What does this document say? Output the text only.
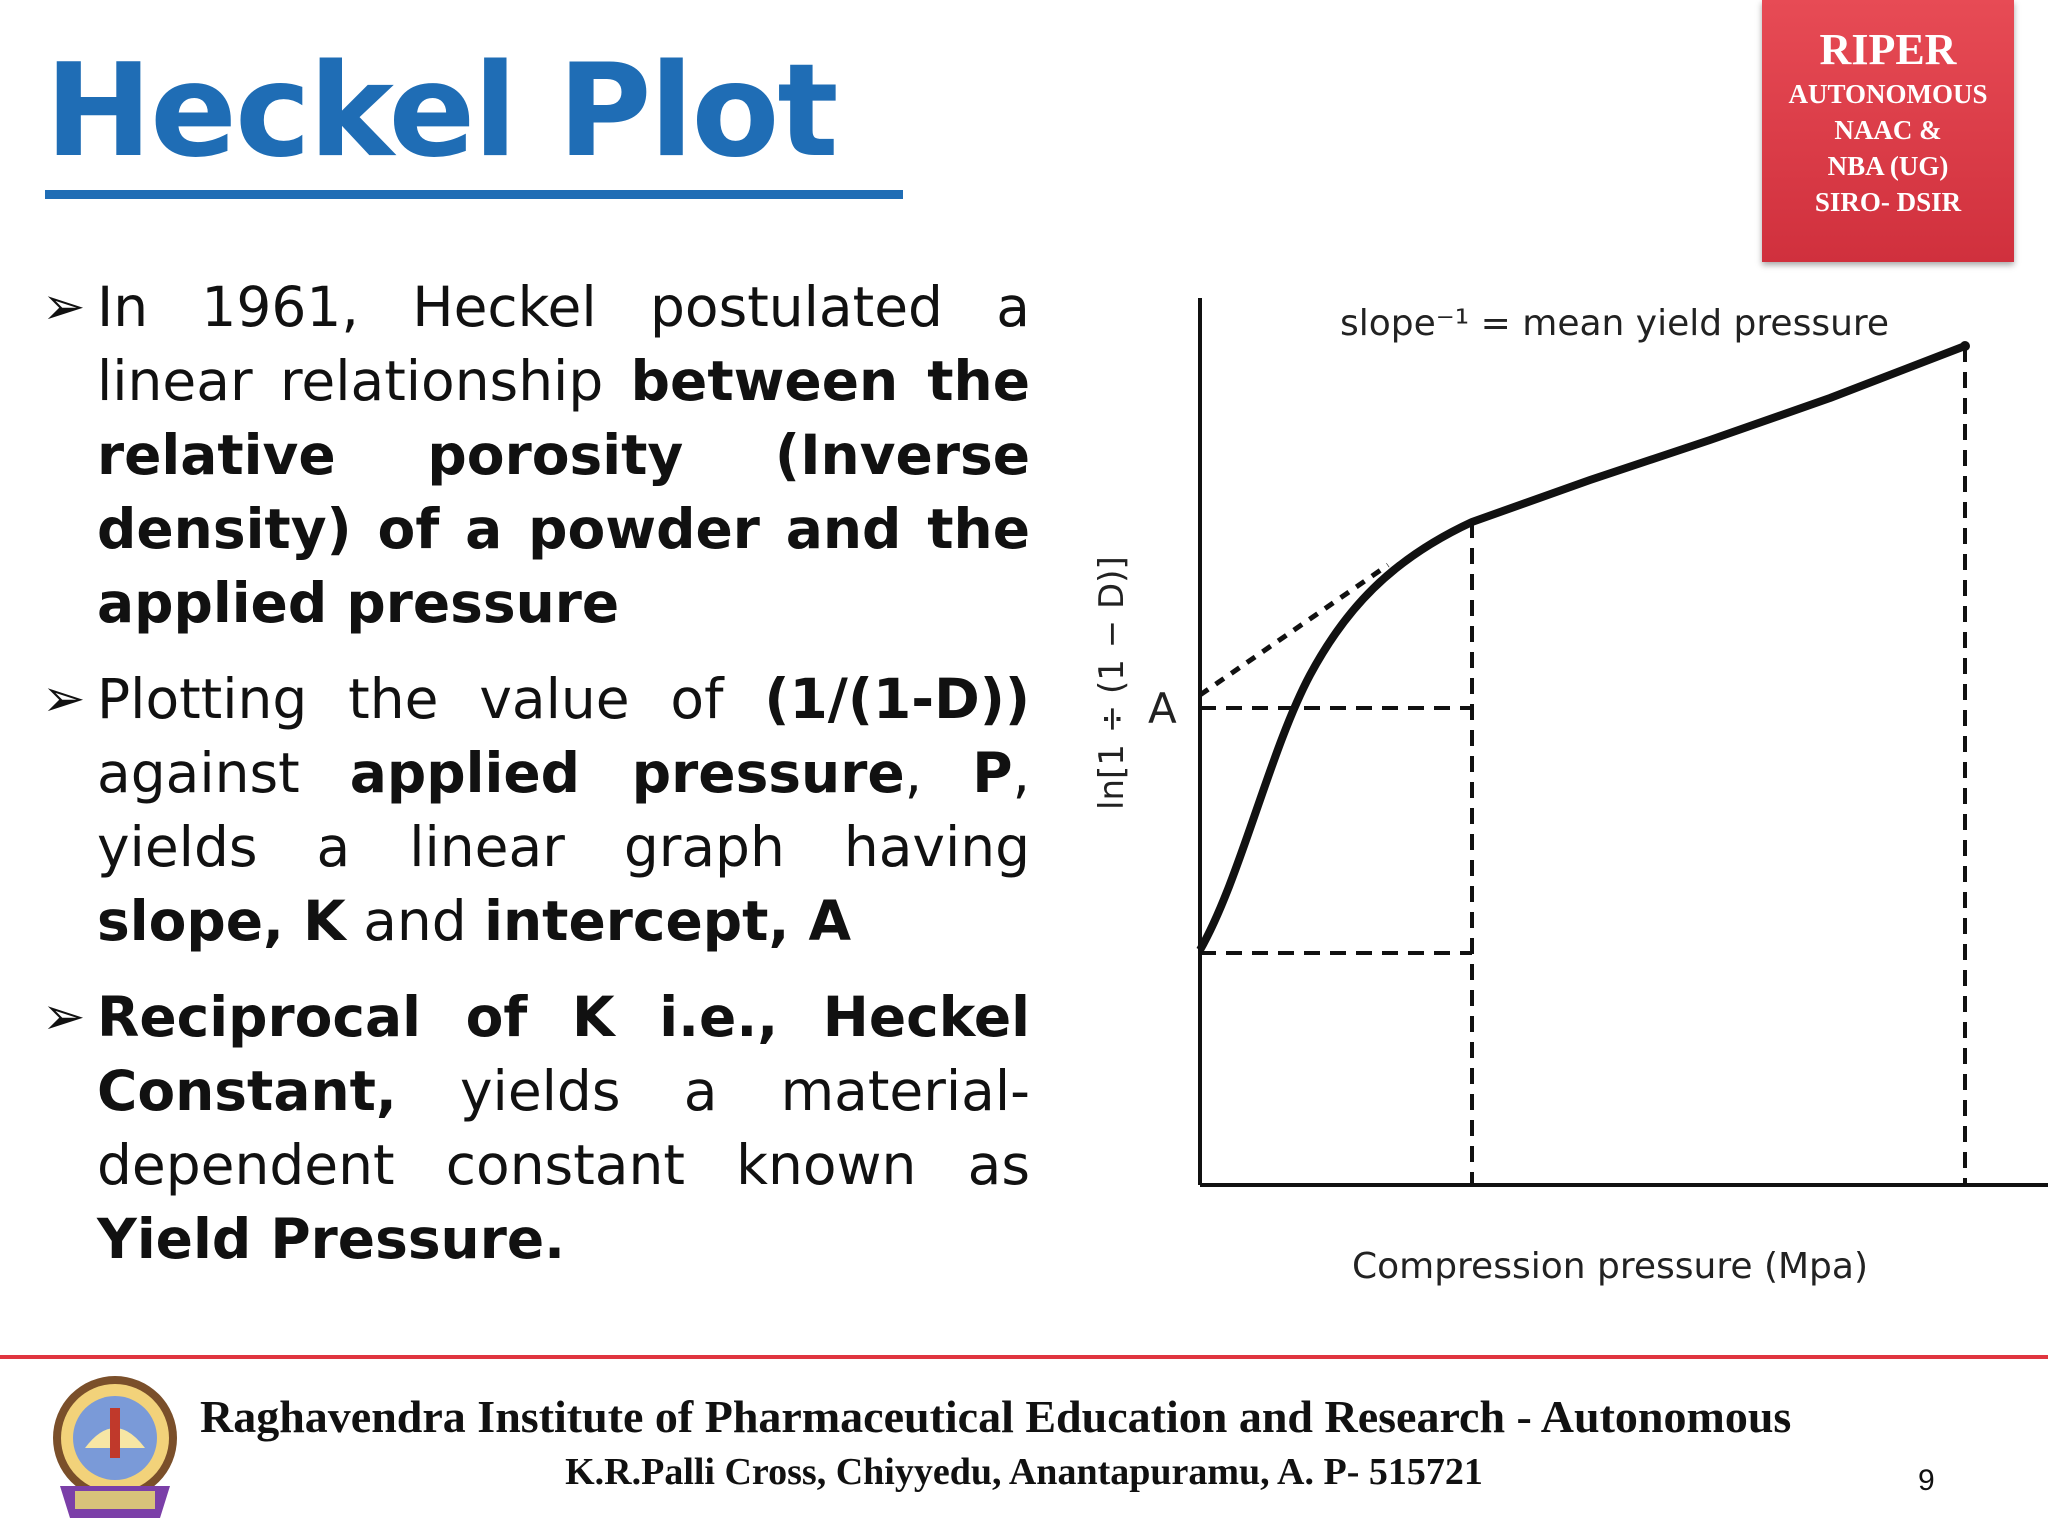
Heckel Plot	RIPER
AUTONOMOUS
NAAC &
NBA (UG)
SIRO- DSIR
➢ In 1961, Heckel postulated a linear relationship between the relative porosity (Inverse density) of a powder and the applied pressure
➢ Plotting the value of (1/(1-D)) against applied pressure, P, yields a linear graph having slope, K and intercept, A
➢ Reciprocal of K i.e., Heckel Constant, yields a material-dependent constant known as Yield Pressure.
slope⁻¹ = mean yield pressure
A
ln[1 ÷ (1 − D)]
Compression pressure (Mpa)
Raghavendra Institute of Pharmaceutical Education and Research - Autonomous
K.R.Palli Cross, Chiyyedu, Anantapuramu, A. P- 515721	9
